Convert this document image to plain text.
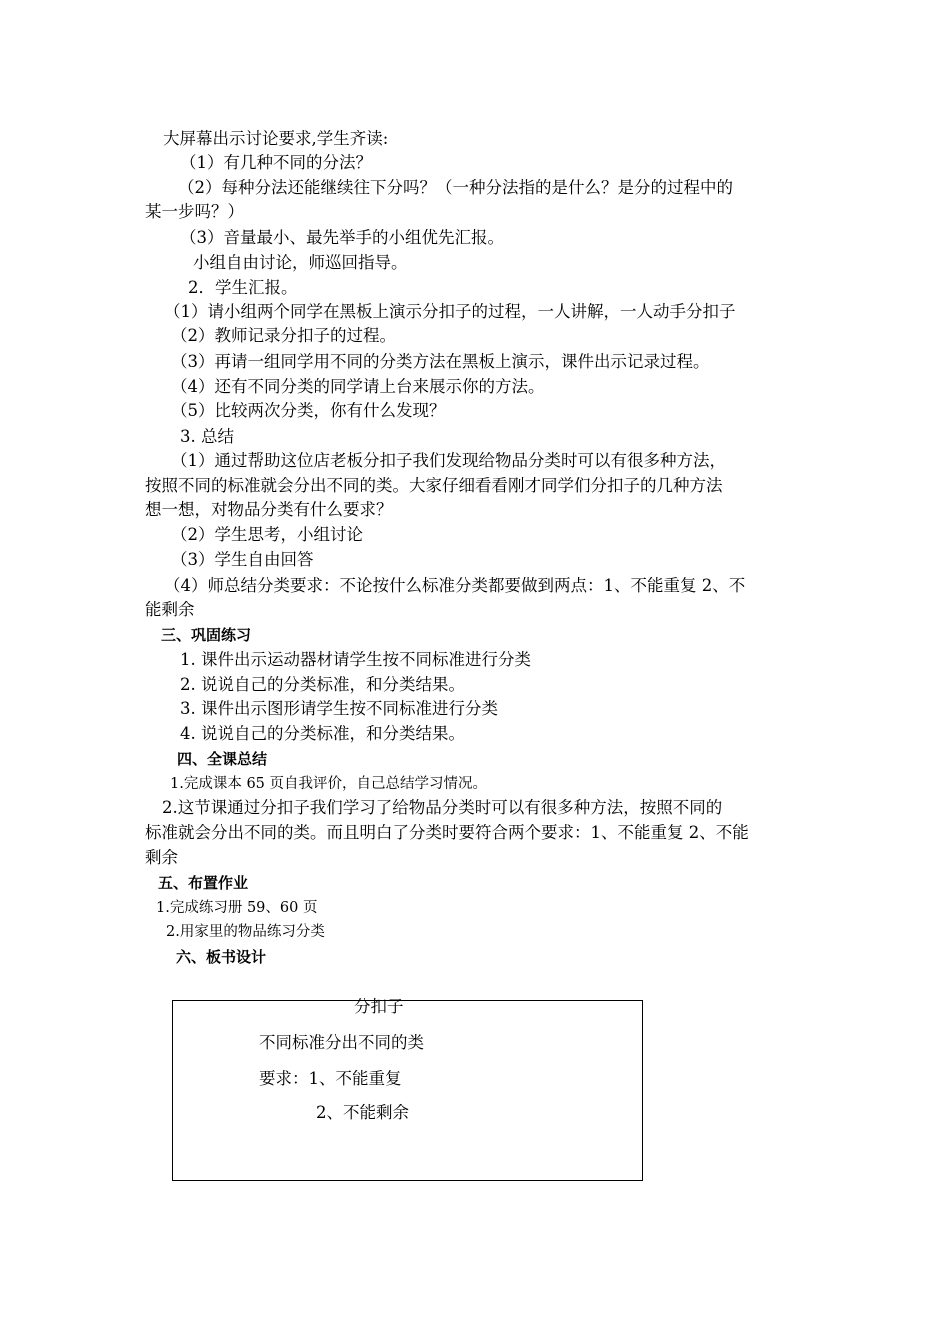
大屏幕出示讨论要求,学生齐读:
（1）有几种不同的分法？
（2）每种分法还能继续往下分吗？（一种分法指的是什么？是分的过程中的
某一步吗？）
（3）音量最小、最先举手的小组优先汇报。
小组自由讨论，师巡回指导。
2．学生汇报。
（1）请小组两个同学在黑板上演示分扣子的过程，一人讲解，一人动手分扣子
（2）教师记录分扣子的过程。
（3）再请一组同学用不同的分类方法在黑板上演示，课件出示记录过程。
（4）还有不同分类的同学请上台来展示你的方法。
（5）比较两次分类，你有什么发现？
3. 总结
（1）通过帮助这位店老板分扣子我们发现给物品分类时可以有很多种方法，
按照不同的标准就会分出不同的类。大家仔细看看刚才同学们分扣子的几种方法
想一想，对物品分类有什么要求？
（2）学生思考，小组讨论
（3）学生自由回答
（4）师总结分类要求：不论按什么标准分类都要做到两点：1、不能重复 2、不
能剩余
三、巩固练习
1. 课件出示运动器材请学生按不同标准进行分类
2. 说说自己的分类标准，和分类结果。
3. 课件出示图形请学生按不同标准进行分类
4. 说说自己的分类标准，和分类结果。
四、全课总结
1.完成课本 65 页自我评价，自己总结学习情况。
2.这节课通过分扣子我们学习了给物品分类时可以有很多种方法，按照不同的
标准就会分出不同的类。而且明白了分类时要符合两个要求：1、不能重复 2、不能
剩余
五、布置作业
1.完成练习册 59、60 页
2.用家里的物品练习分类
六、板书设计
分扣子
不同标准分出不同的类
要求：1、不能重复
2、不能剩余
